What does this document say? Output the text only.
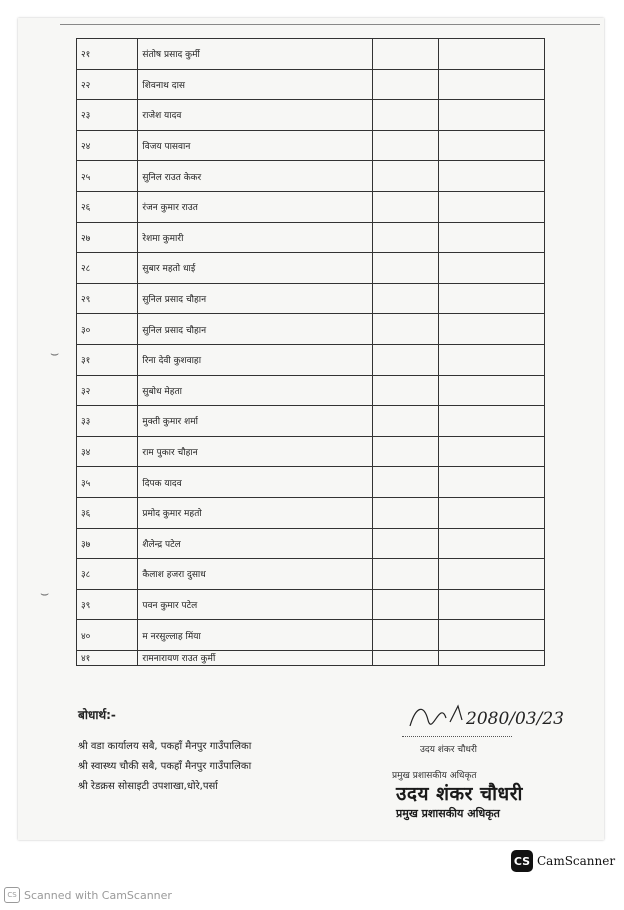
⌣
⌣
२१	संतोष प्रसाद कुर्मी		
२२	शिवनाथ दास		
२३	राजेश यादव		
२४	विजय पासवान		
२५	सुनिल राउत केकर		
२६	रंजन कुमार राउत		
२७	रेशमा कुमारी		
२८	सुबार महतो धाई		
२९	सुनिल प्रसाद चौहान		
३०	सुनिल प्रसाद चौहान		
३१	रिना देवी कुशवाहा		
३२	सुबोध मेहता		
३३	मुक्ती कुमार शर्मा		
३४	राम पुकार चौहान		
३५	दिपक यादव		
३६	प्रमोद कुमार महतो		
३७	शैलेन्द्र पटेल		
३८	कैलाश हजरा दुसाध		
३९	पवन कुमार पटेल		
४०	म नरसुल्लाह मिंया		
४१	रामनारायण राउत कुर्मी		
बोधार्थ:-
श्री वडा कार्यालय सबै, पकहाँ मैनपुर गाउँपालिका
श्री स्वास्थ्य चौकी सबै, पकहाँ मैनपुर गाउँपालिका
श्री रेडक्रस सोसाइटी उपशाखा,धोरे,पर्सा
2080/03/23
उदय शंकर चौधरी
प्रमुख प्रशासकीय अधिकृत
उदय शंकर चौधरी
प्रमुख प्रशासकीय अधिकृत
CS CamScanner
CS Scanned with CamScanner
